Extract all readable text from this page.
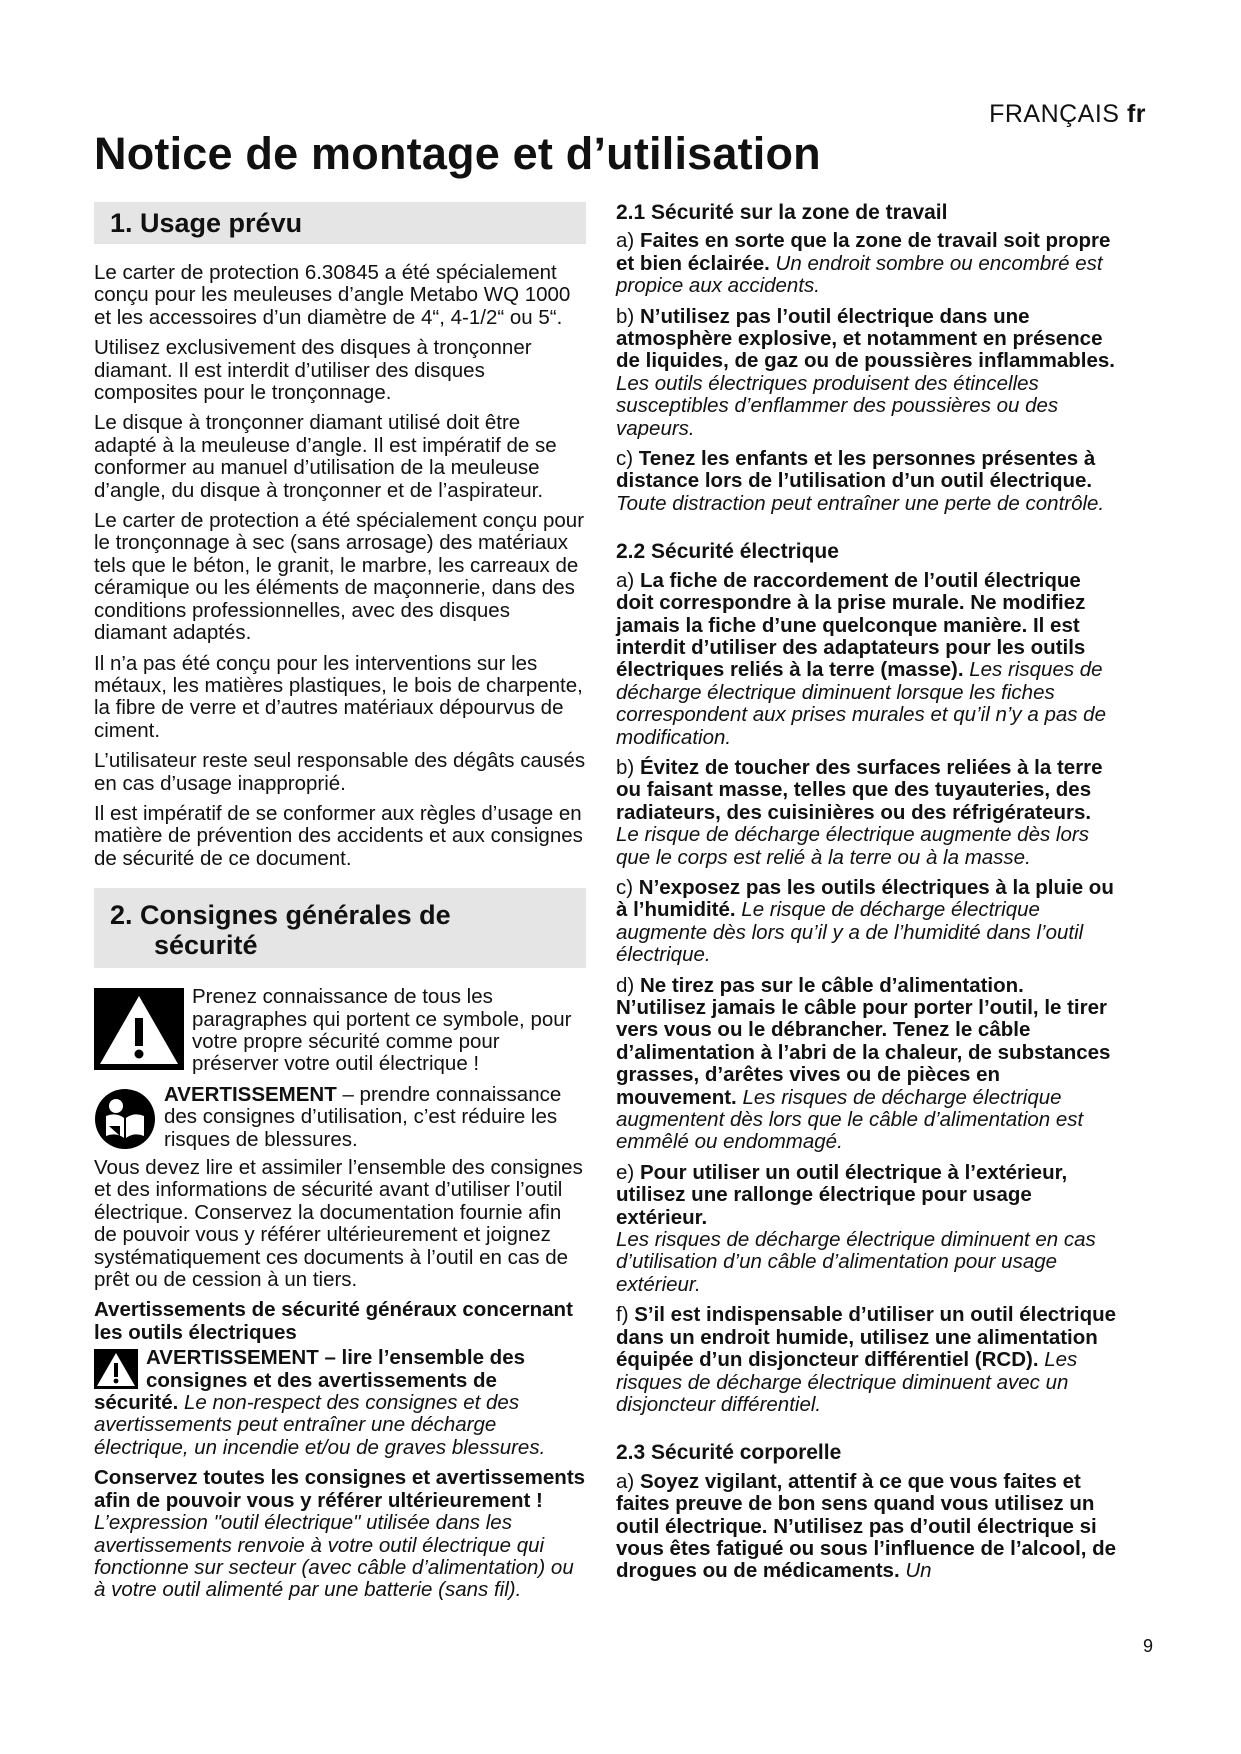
FRANÇAIS fr
Notice de montage et d’utilisation
1. Usage prévu

Le carter de protection 6.30845 a été spécialement conçu pour les meuleuses d’angle Metabo WQ 1000 et les accessoires d’un diamètre de 4“, 4-1/2“ ou 5“.

Utilisez exclusivement des disques à tronçonner diamant. Il est interdit d’utiliser des disques composites pour le tronçonnage.

Le disque à tronçonner diamant utilisé doit être adapté à la meuleuse d’angle. Il est impératif de se conformer au manuel d’utilisation de la meuleuse d’angle, du disque à tronçonner et de l’aspirateur.

Le carter de protection a été spécialement conçu pour le tronçonnage à sec (sans arrosage) des matériaux tels que le béton, le granit, le marbre, les carreaux de céramique ou les éléments de maçonnerie, dans des conditions professionnelles, avec des disques diamant adaptés.

Il n’a pas été conçu pour les interventions sur les métaux, les matières plastiques, le bois de charpente, la fibre de verre et d’autres matériaux dépourvus de ciment.

L’utilisateur reste seul responsable des dégâts causés en cas d’usage inapproprié.

Il est impératif de se conformer aux règles d’usage en matière de prévention des accidents et aux consignes de sécurité de ce document.

2. Consignes générales de
sécurité
Prenez connaissance de tous les paragraphes qui portent ce symbole, pour votre propre sécurité comme pour préserver votre outil électrique !
AVERTISSEMENT – prendre connaissance des consignes d’utilisation, c’est réduire les risques de blessures.

Vous devez lire et assimiler l’ensemble des consignes et des informations de sécurité avant d’utiliser l’outil électrique. Conservez la documentation fournie afin de pouvoir vous y référer ultérieurement et joignez systématiquement ces documents à l’outil en cas de prêt ou de cession à un tiers.

Avertissements de sécurité généraux concernant les outils électriques

AVERTISSEMENT – lire l’ensemble des consignes et des avertissements de sécurité. Le non-respect des consignes et des avertissements peut entraîner une décharge électrique, un incendie et/ou de graves blessures.

Conservez toutes les consignes et avertissements afin de pouvoir vous y référer ultérieurement ! L’expression "outil électrique" utilisée dans les avertissements renvoie à votre outil électrique qui fonctionne sur secteur (avec câble d’alimentation) ou à votre outil alimenté par une batterie (sans fil).

2.1 Sécurité sur la zone de travail

a) Faites en sorte que la zone de travail soit propre et bien éclairée. Un endroit sombre ou encombré est propice aux accidents.

b) N’utilisez pas l’outil électrique dans une atmosphère explosive, et notamment en présence de liquides, de gaz ou de poussières inflammables. Les outils électriques produisent des étincelles susceptibles d’enflammer des poussières ou des vapeurs.

c) Tenez les enfants et les personnes présentes à distance lors de l’utilisation d’un outil électrique. Toute distraction peut entraîner une perte de contrôle.

2.2 Sécurité électrique

a) La fiche de raccordement de l’outil électrique doit correspondre à la prise murale. Ne modifiez jamais la fiche d’une quelconque manière. Il est interdit d’utiliser des adaptateurs pour les outils électriques reliés à la terre (masse). Les risques de décharge électrique diminuent lorsque les fiches correspondent aux prises murales et qu’il n’y a pas de modification.

b) Évitez de toucher des surfaces reliées à la terre ou faisant masse, telles que des tuyauteries, des radiateurs, des cuisinières ou des réfrigérateurs. Le risque de décharge électrique augmente dès lors que le corps est relié à la terre ou à la masse.

c) N’exposez pas les outils électriques à la pluie ou à l’humidité. Le risque de décharge électrique augmente dès lors qu’il y a de l’humidité dans l’outil électrique.

d) Ne tirez pas sur le câble d’alimentation. N’utilisez jamais le câble pour porter l’outil, le tirer vers vous ou le débrancher. Tenez le câble d’alimentation à l’abri de la chaleur, de substances grasses, d’arêtes vives ou de pièces en mouvement. Les risques de décharge électrique augmentent dès lors que le câble d’alimentation est emmêlé ou endommagé.

e) Pour utiliser un outil électrique à l’extérieur, utilisez une rallonge électrique pour usage extérieur.
Les risques de décharge électrique diminuent en cas d’utilisation d’un câble d’alimentation pour usage extérieur.

f) S’il est indispensable d’utiliser un outil électrique dans un endroit humide, utilisez une alimentation équipée d’un disjoncteur différentiel (RCD). Les risques de décharge électrique diminuent avec un disjoncteur différentiel.

2.3 Sécurité corporelle

a) Soyez vigilant, attentif à ce que vous faites et faites preuve de bon sens quand vous utilisez un outil électrique. N’utilisez pas d’outil électrique si vous êtes fatigué ou sous l’influence de l’alcool, de drogues ou de médicaments. Un

9
